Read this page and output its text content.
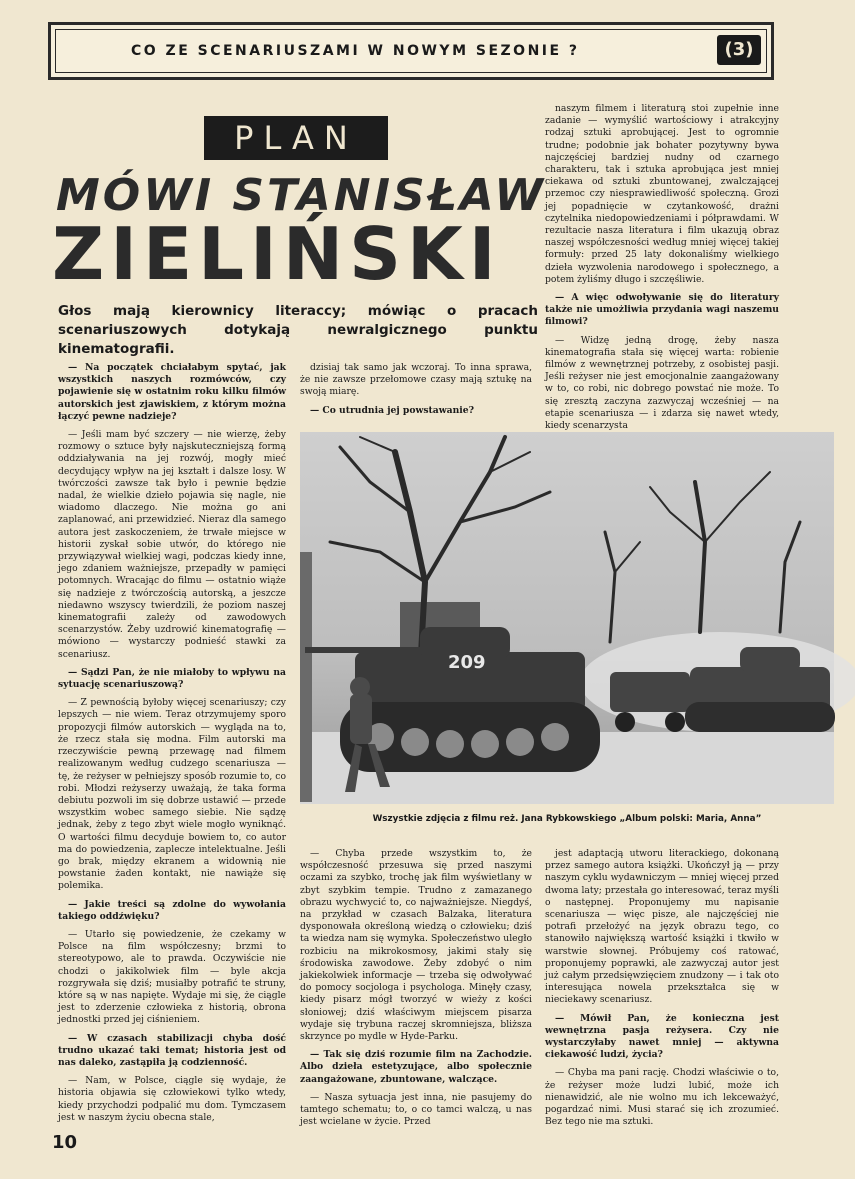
CO ZE SCENARIUSZAMI W NOWYM SEZONIE ?	(3)
PLAN
MÓWI STANISŁAW
ZIELIŃSKI
Głos mają kierownicy literaccy; mówiąc o pracach scenariuszowych dotykają newralgicznego punktu kinematografii.

— Na początek chciałabym spytać, jak wszystkich naszych rozmówców, czy pojawienie się w ostatnim roku kilku filmów autorskich jest zjawiskiem, z którym można łączyć pewne nadzieje?

— Jeśli mam być szczery — nie wierzę, żeby rozmowy o sztuce były najskuteczniejszą formą oddziaływania na jej rozwój, mogły mieć decydujący wpływ na jej kształt i dalsze losy. W twórczości zawsze tak było i pewnie będzie nadal, że wielkie dzieło pojawia się nagle, nie wiadomo dlaczego. Nie można go ani zaplanować, ani przewidzieć. Nieraz dla samego autora jest zaskoczeniem, że trwałe miejsce w historii zyskał sobie utwór, do którego nie przywiązywał wielkiej wagi, podczas kiedy inne, jego zdaniem ważniejsze, przepadły w pamięci potomnych. Wracając do filmu — ostatnio wiąże się nadzieje z twórczością autorską, a jeszcze niedawno wszyscy twierdzili, że poziom naszej kinematografii zależy od zawodowych scenarzystów. Żeby uzdrowić kinematografię — mówiono — wystarczy podnieść stawki za scenariusz.

— Sądzi Pan, że nie miałoby to wpływu na sytuację scenariuszową?

— Z pewnością byłoby więcej scenariuszy; czy lepszych — nie wiem. Teraz otrzymujemy sporo propozycji filmów autorskich — wygląda na to, że rzecz stała się modna. Film autorski ma rzeczywiście pewną przewagę nad filmem realizowanym według cudzego scenariusza — tę, że reżyser w pełniejszy sposób rozumie to, co robi. Młodzi reżyserzy uważają, że taka forma debiutu pozwoli im się dobrze ustawić — przede wszystkim wobec samego siebie. Nie sądzę jednak, żeby z tego zbyt wiele mogło wyniknąć. O wartości filmu decyduje bowiem to, co autor ma do powiedzenia, zaplecze intelektualne. Jeśli go brak, między ekranem a widownią nie powstanie żaden kontakt, nie nawiąże się polemika.

— Jakie treści są zdolne do wywołania takiego oddźwięku?

— Utarło się powiedzenie, że czekamy w Polsce na film współczesny; brzmi to stereotypowo, ale to prawda. Oczywiście nie chodzi o jakikolwiek film — byle akcja rozgrywała się dziś; musiałby potrafić te struny, które są w nas napięte. Wydaje mi się, że ciągle jest to zderzenie człowieka z historią, obrona jednostki przed jej ciśnieniem.

— W czasach stabilizacji chyba dość trudno ukazać taki temat; historia jest od nas daleko, zastąpiła ją codzienność.

— Nam, w Polsce, ciągle się wydaje, że historia objawia się człowiekowi tylko wtedy, kiedy przychodzi podpalić mu dom. Tymczasem jest w naszym życiu obecna stale,

dzisiaj tak samo jak wczoraj. To inna sprawa, że nie zawsze przełomowe czasy mają sztukę na swoją miarę.

— Co utrudnia jej powstawanie?

naszym filmem i literaturą stoi zupełnie inne zadanie — wymyślić wartościowy i atrakcyjny rodzaj sztuki aprobującej. Jest to ogromnie trudne; podobnie jak bohater pozytywny bywa najczęściej bardziej nudny od czarnego charakteru, tak i sztuka aprobująca jest mniej ciekawa od sztuki zbuntowanej, zwalczającej przemoc czy niesprawiedliwość społeczną. Grozi jej popadnięcie w czytankowość, drażni czytelnika niedopowiedzeniami i półprawdami. W rezultacie nasza literatura i film ukazują obraz naszej współczesności według mniej więcej takiej formuły: przed 25 laty dokonaliśmy wielkiego dzieła wyzwolenia narodowego i społecznego, a potem żyliśmy długo i szczęśliwie.

— A więc odwoływanie się do literatury także nie umożliwia przydania wagi naszemu filmowi?

— Widzę jedną drogę, żeby nasza kinematografia stała się więcej warta: robienie filmów z wewnętrznej potrzeby, z osobistej pasji. Jeśli reżyser nie jest emocjonalnie zaangażowany w to, co robi, nic dobrego powstać nie może. To się zresztą zaczyna zazwyczaj wcześniej — na etapie scenariusza — i zdarza się nawet wtedy, kiedy scenarzysta

209
Wszystkie zdjęcia z filmu reż. Jana Rybkowskiego „Album polski: Maria, Anna”

— Chyba przede wszystkim to, że współczesność przesuwa się przed naszymi oczami za szybko, trochę jak film wyświetlany w zbyt szybkim tempie. Trudno z zamazanego obrazu wychwycić to, co najważniejsze. Niegdyś, na przykład w czasach Balzaka, literatura dysponowała określoną wiedzą o człowieku; dziś ta wiedza nam się wymyka. Społeczeństwo uległo rozbiciu na mikrokosmosy, jakimi stały się środowiska zawodowe. Żeby zdobyć o nim jakiekolwiek informacje — trzeba się odwoływać do pomocy socjologa i psychologa. Minęły czasy, kiedy pisarz mógł tworzyć w wieży z kości słoniowej; dziś właściwym miejscem pisarza wydaje się trybuna raczej skromniejsza, bliższa skrzynce po mydle w Hyde-Parku.

— Tak się dziś rozumie film na Zachodzie. Albo dzieła estetyzujące, albo społecznie zaangażowane, zbuntowane, walczące.

— Nasza sytuacja jest inna, nie pasujemy do tamtego schematu; to, o co tamci walczą, u nas jest wcielane w życie. Przed

jest adaptacją utworu literackiego, dokonaną przez samego autora książki. Ukończył ją — przy naszym cyklu wydawniczym — mniej więcej przed dwoma laty; przestała go interesować, teraz myśli o następnej. Proponujemy mu napisanie scenariusza — więc pisze, ale najczęściej nie potrafi przełożyć na język obrazu tego, co stanowiło największą wartość książki i tkwiło w warstwie słownej. Próbujemy coś ratować, proponujemy poprawki, ale zazwyczaj autor jest już całym przedsięwzięciem znudzony — i tak oto interesująca nowela przekształca się w nieciekawy scenariusz.

— Mówił Pan, że konieczna jest wewnętrzna pasja reżysera. Czy nie wystarczyłaby nawet mniej — aktywna ciekawość ludzi, życia?

— Chyba ma pani rację. Chodzi właściwie o to, że reżyser może ludzi lubić, może ich nienawidzić, ale nie wolno mu ich lekceważyć, pogardzać nimi. Musi starać się ich zrozumieć. Bez tego nie ma sztuki.

10
